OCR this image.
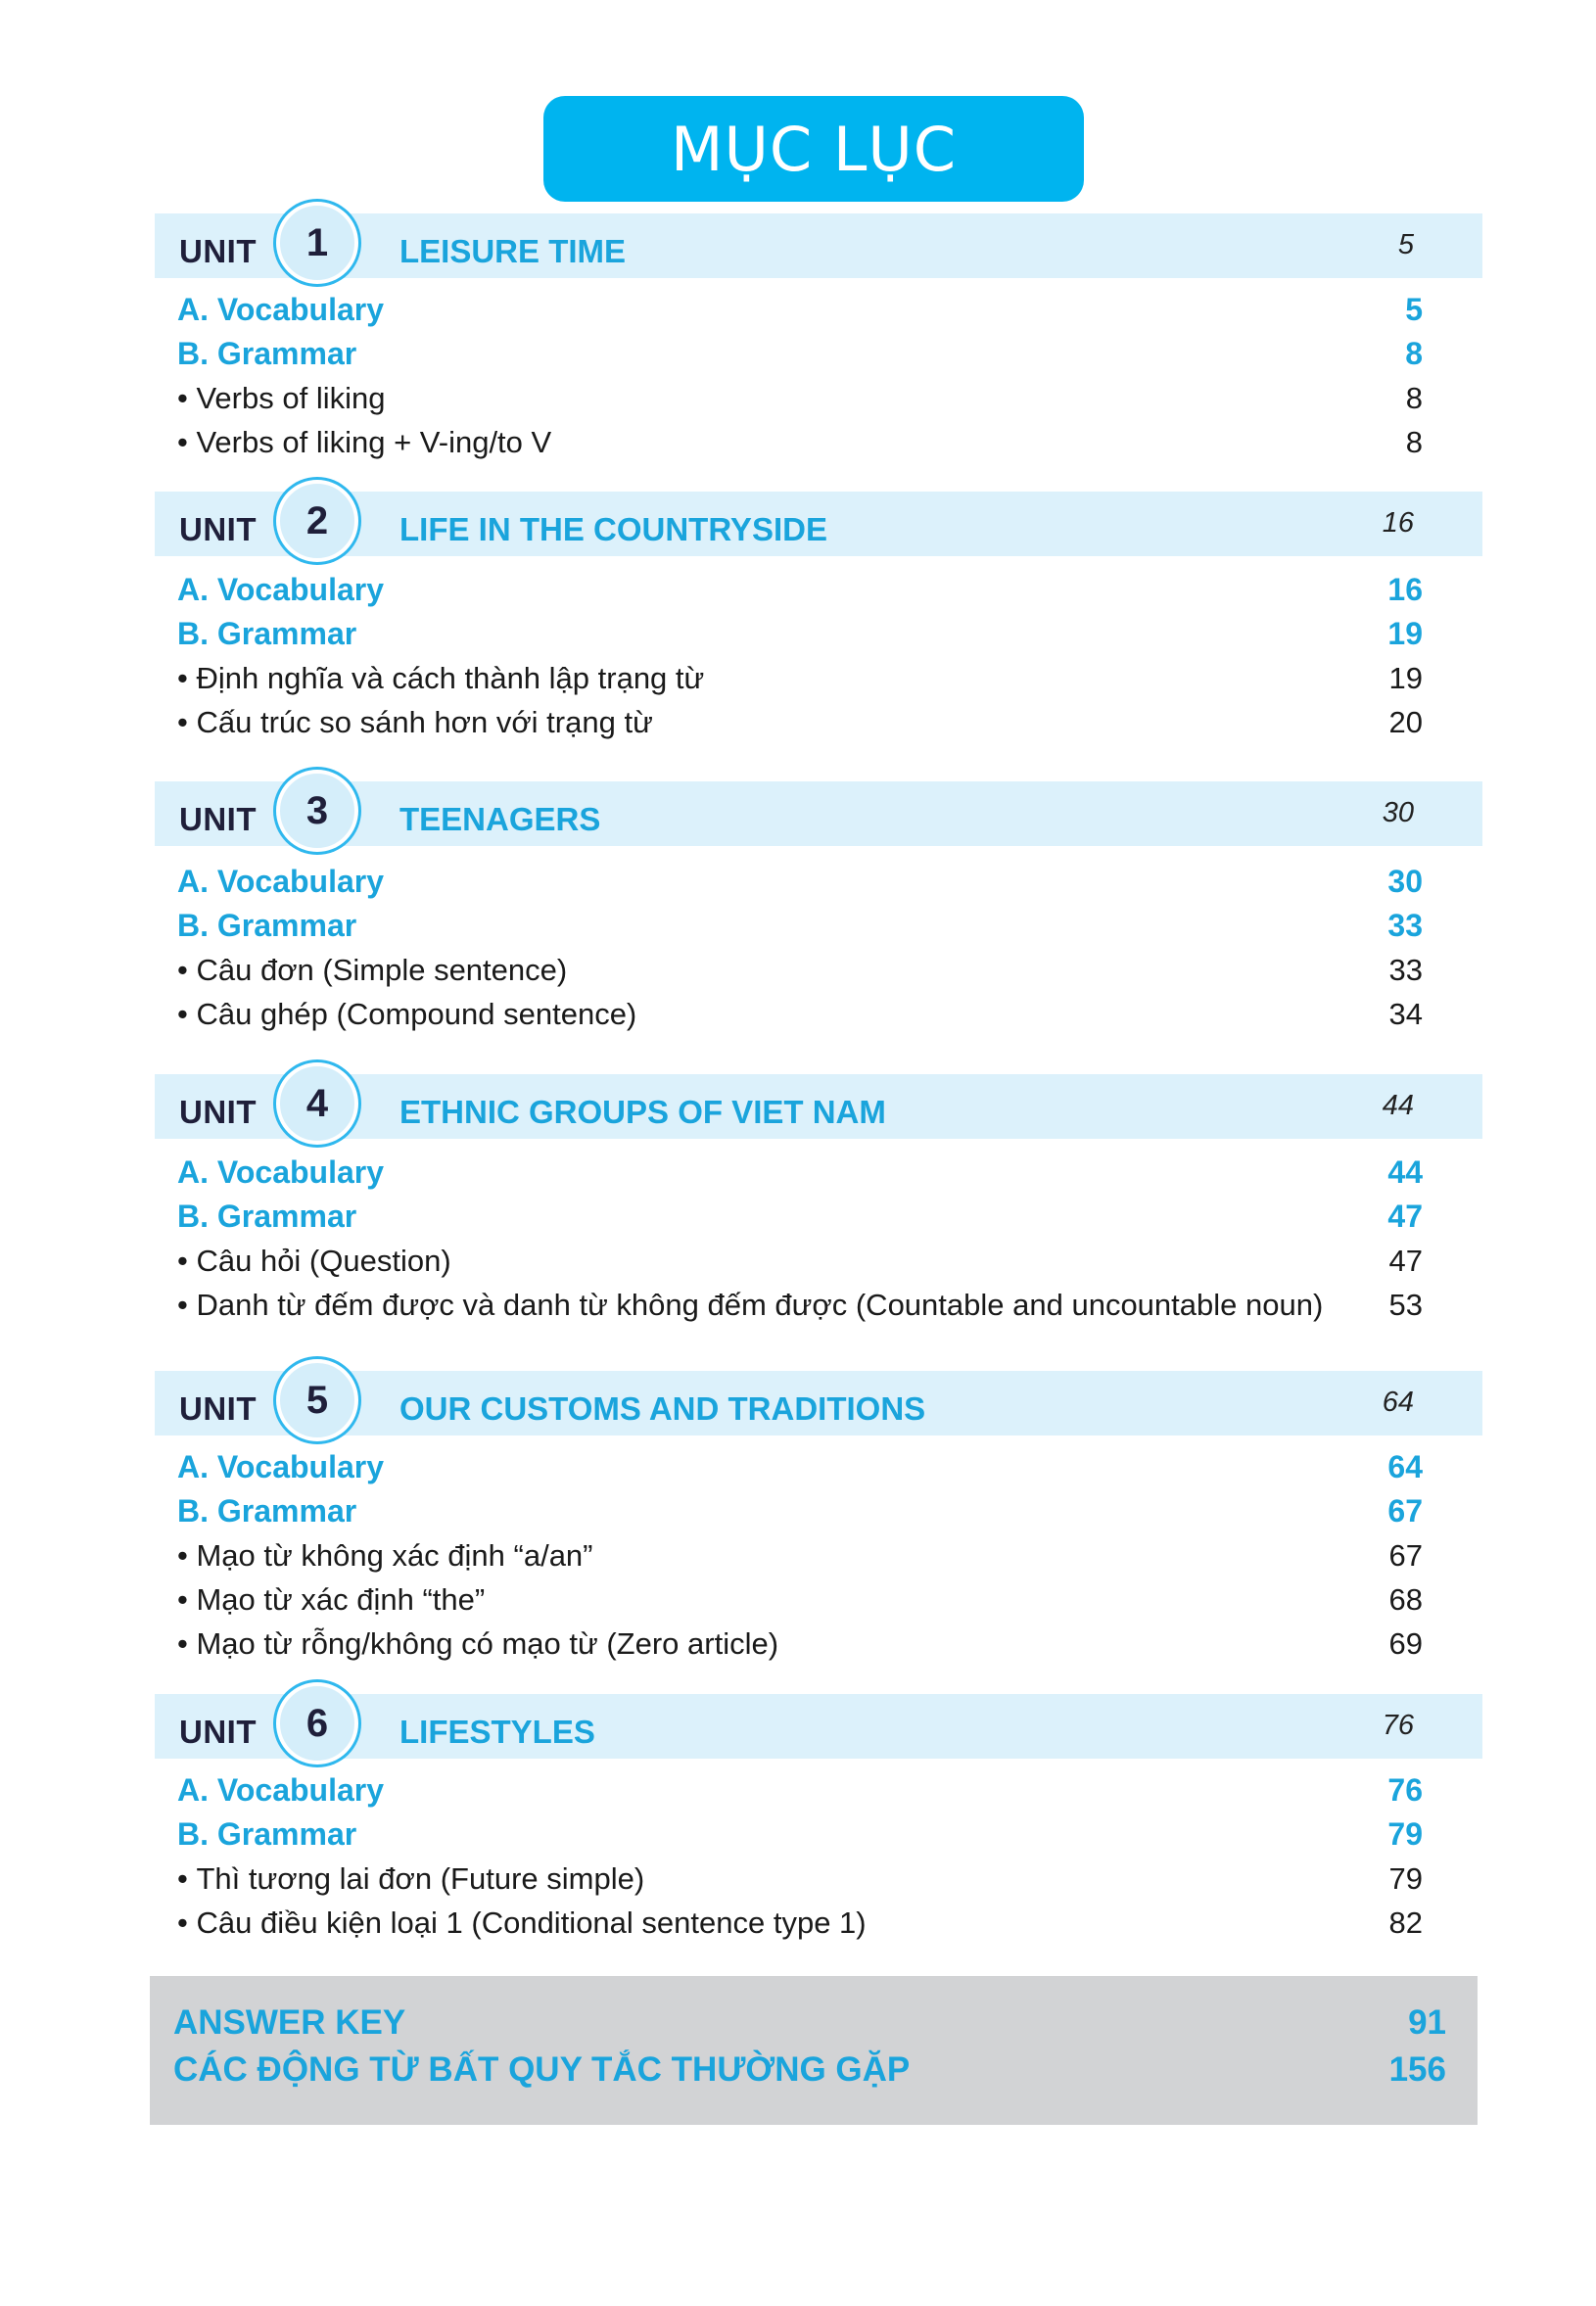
MỤC LỤC
UNIT	1	LEISURE TIME	5
A. Vocabulary	5
B. Grammar	8
• Verbs of liking	8
• Verbs of liking + V-ing/to V	8
UNIT	2	LIFE IN THE COUNTRYSIDE	16
A. Vocabulary	16
B. Grammar	19
• Định nghĩa và cách thành lập trạng từ	19
• Cấu trúc so sánh hơn với trạng từ	20
UNIT	3	TEENAGERS	30
A. Vocabulary	30
B. Grammar	33
• Câu đơn (Simple sentence)	33
• Câu ghép (Compound sentence)	34
UNIT	4	ETHNIC GROUPS OF VIET NAM	44
A. Vocabulary	44
B. Grammar	47
• Câu hỏi (Question)	47
• Danh từ đếm được và danh từ không đếm được (Countable and uncountable noun) 53
UNIT	5	OUR CUSTOMS AND TRADITIONS	64
A. Vocabulary	64
B. Grammar	67
• Mạo từ không xác định “a/an”	67
• Mạo từ xác định “the”	68
• Mạo từ rỗng/không có mạo từ (Zero article)	69
UNIT	6	LIFESTYLES	76
A. Vocabulary	76
B. Grammar	79
• Thì tương lai đơn (Future simple)	79
• Câu điều kiện loại 1 (Conditional sentence type 1)	82
ANSWER KEY	91
CÁC ĐỘNG TỪ BẤT QUY TẮC THƯỜNG GẶP	156
